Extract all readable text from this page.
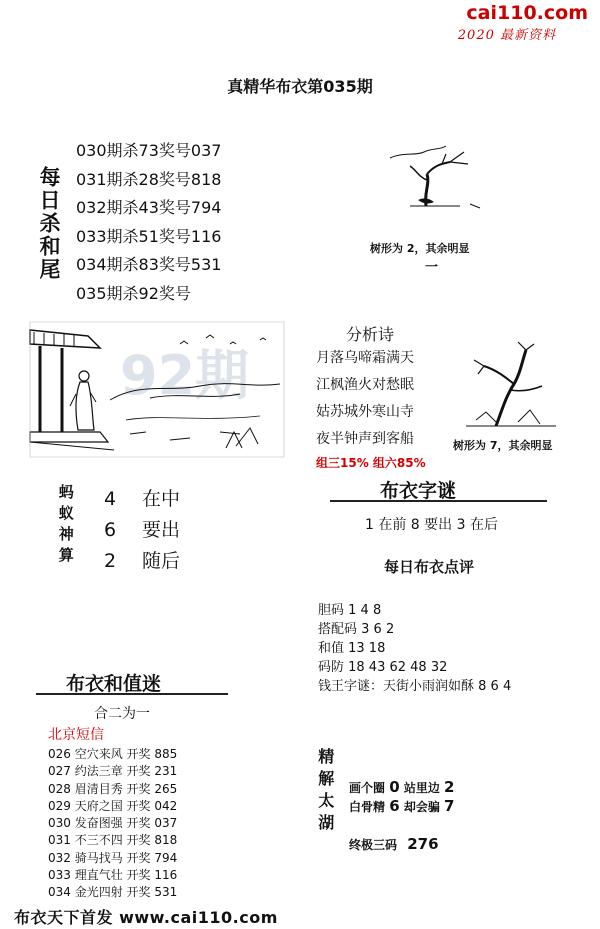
cai110.com
2020 最新资料
真精华布衣第035期
每日杀和尾
030期杀73奖号037
031期杀28奖号818
032期杀43奖号794
033期杀51奖号116
034期杀83奖号531
035期杀92奖号
树形为 2，其余明显
一
92期
分析诗
月落乌啼霜满天
江枫渔火对愁眠
姑苏城外寒山寺
夜半钟声到客船
组三15% 组六85%
树形为 7，其余明显
蚂蚁神算 4 在中
6 要出
2 随后
布衣字谜
1 在前 8 要出 3 在后
每日布衣点评
胆码 1 4 8
搭配码 3 6 2
和值 13 18
码防 18 43 62 48 32
钱王字谜：天街小雨润如酥 8 6 4
布衣和值迷
合二为一
北京短信
026 空穴来风 开奖 885
027 约法三章 开奖 231
028 眉清目秀 开奖 265
029 天府之国 开奖 042
030 发奋图强 开奖 037
031 不三不四 开奖 818
032 骑马找马 开奖 794
033 理直气壮 开奖 116
034 金光四射 开奖 531
精解太湖 画个圈 0 站里边 2
白骨精 6 却会骗 7
终极三码 276
布衣天下首发 www.cai110.com
